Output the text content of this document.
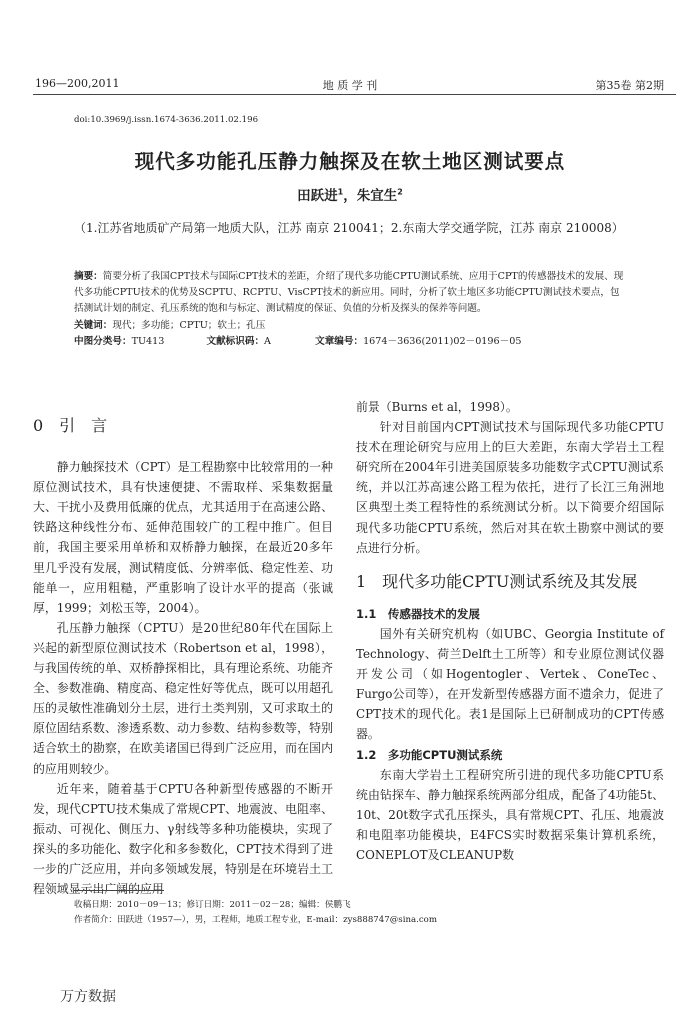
196—200,2011	地 质 学 刊	第35卷 第2期
doi:10.3969/j.issn.1674-3636.2011.02.196
现代多功能孔压静力触探及在软土地区测试要点
田跃进$^1$，朱宜生$^2$
（1.江苏省地质矿产局第一地质大队，江苏 南京 210041；2.东南大学交通学院，江苏 南京 210008）
摘要：简要分析了我国CPT技术与国际CPT技术的差距，介绍了现代多功能CPTU测试系统、应用于CPT的传感器技术的发展、现代多功能CPTU技术的优势及SCPTU、RCPTU、VisCPT技术的新应用。同时，分析了软土地区多功能CPTU测试技术要点，包括测试计划的制定、孔压系统的饱和与标定、测试精度的保证、负值的分析及探头的保养等问题。
关键词：现代；多功能；CPTU；软土；孔压
中图分类号：TU413	文献标识码：A	文章编号：1674－3636(2011)02－0196－05
0　引　言

静力触探技术（CPT）是工程勘察中比较常用的一种原位测试技术，具有快速便捷、不需取样、采集数据量大、干扰小及费用低廉的优点，尤其适用于在高速公路、铁路这种线性分布、延伸范围较广的工程中推广。但目前，我国主要采用单桥和双桥静力触探，在最近20多年里几乎没有发展，测试精度低、分辨率低、稳定性差、功能单一，应用粗糙，严重影响了设计水平的提高（张诚厚，1999；刘松玉等，2004）。

孔压静力触探（CPTU）是20世纪80年代在国际上兴起的新型原位测试技术（Robertson et al，1998），与我国传统的单、双桥静探相比，具有理论系统、功能齐全、参数准确、精度高、稳定性好等优点，既可以用超孔压的灵敏性准确划分土层，进行土类判别，又可求取土的原位固结系数、渗透系数、动力参数、结构参数等，特别适合软土的勘察，在欧美诸国已得到广泛应用，而在国内的应用则较少。

近年来，随着基于CPTU各种新型传感器的不断开发，现代CPTU技术集成了常规CPT、地震波、电阻率、振动、可视化、侧压力、γ射线等多种功能模块，实现了探头的多功能化、数字化和多参数化，CPT技术得到了进一步的广泛应用，并向多领域发展，特别是在环境岩土工程领域显示出广阔的应用

前景（Burns et al，1998）。

针对目前国内CPT测试技术与国际现代多功能CPTU技术在理论研究与应用上的巨大差距，东南大学岩土工程研究所在2004年引进美国原装多功能数字式CPTU测试系统，并以江苏高速公路工程为依托，进行了长江三角洲地区典型土类工程特性的系统测试分析。以下简要介绍国际现代多功能CPTU系统，然后对其在软土勘察中测试的要点进行分析。

1　现代多功能CPTU测试系统及其发展
1.1　传感器技术的发展

国外有关研究机构（如UBC、Georgia Institute of Technology、荷兰Delft土工所等）和专业原位测试仪器开发公司（如Hogentogler、Vertek、ConeTec、Furgo公司等），在开发新型传感器方面不遗余力，促进了CPT技术的现代化。表1是国际上已研制成功的CPT传感器。

1.2　多功能CPTU测试系统

东南大学岩土工程研究所引进的现代多功能CPTU系统由钻探车、静力触探系统两部分组成，配备了4功能5t、10t、20t数字式孔压探头，具有常规CPT、孔压、地震波和电阻率功能模块，E4FCS实时数据采集计算机系统，CONEPLOT及CLEANUP数

收稿日期：2010－09－13；修订日期：2011－02－28；编辑：侯鹏飞
作者简介：田跃进（1957—），男，工程师，地质工程专业，E-mail：zys888747@sina.com
万方数据
